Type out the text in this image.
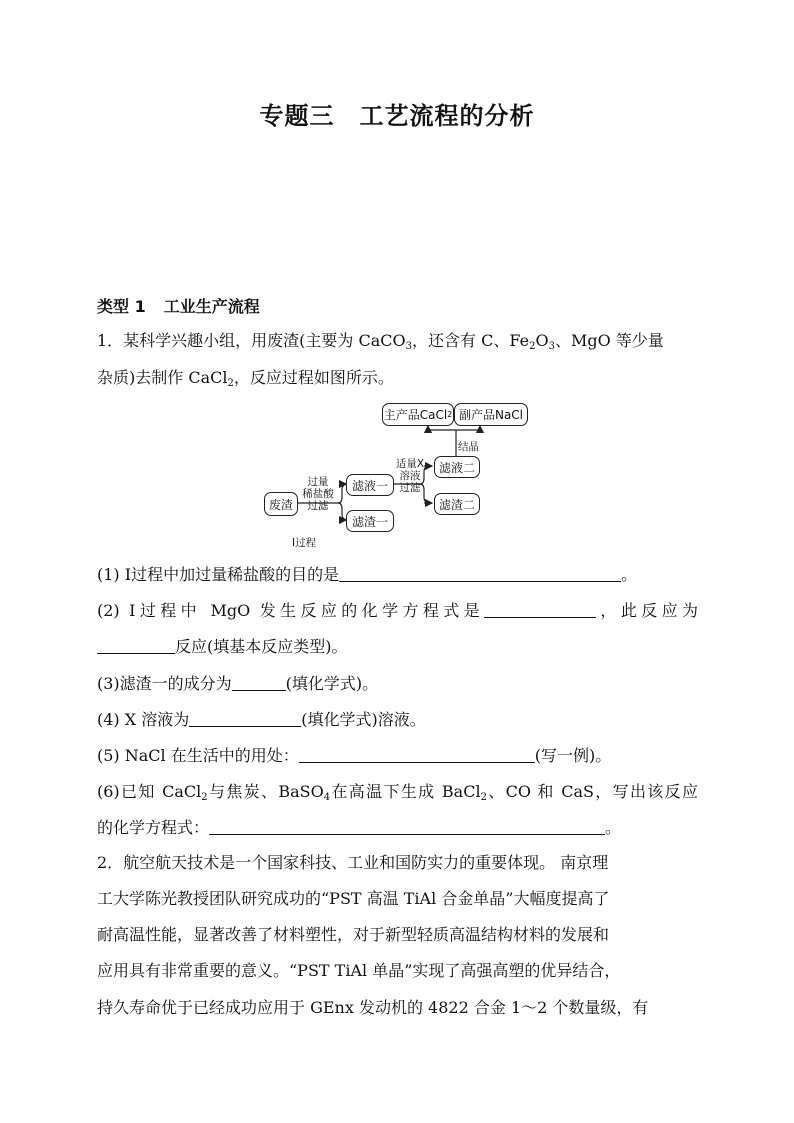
专题三　工艺流程的分析
类型 1 工业生产流程
1．某科学兴趣小组，用废渣(主要为 CaCO$_3$，还含有 C、$Fe_2O_3$、MgO 等少量
杂质)去制作 CaCl$_2$，反应过程如图所示。
主产品CaCl 2 副产品NaCl
结晶
适量X
溶液
过滤
滤液二
滤渣二
过量
稀盐酸
过滤
废渣
滤液一
滤渣一
Ⅰ过程
(1) Ⅰ过程中加过量稀盐酸的目的是	。
(2) Ⅰ过程中 MgO 发生反应的化学方程式是	，此反应为
反应(填基本反应类型)。
(3)滤渣一的成分为	(填化学式)。
(4) X 溶液为	(填化学式)溶液。
(5) NaCl 在生活中的用处：	(写一例)。
(6)已知 CaCl$_2$与焦炭、BaSO$_4$在高温下生成 BaCl$_2$、CO 和 CaS，写出该反应
的化学方程式：	。
2．航空航天技术是一个国家科技、工业和国防实力的重要体现。 南京理
工大学陈光教授团队研究成功的“PST 高温 TiAl 合金单晶”大幅度提高了
耐高温性能，显著改善了材料塑性，对于新型轻质高温结构材料的发展和
应用具有非常重要的意义。“PST TiAl 单晶”实现了高强高塑的优异结合，
持久寿命优于已经成功应用于 GEnx 发动机的 4822 合金 1～2 个数量级，有
